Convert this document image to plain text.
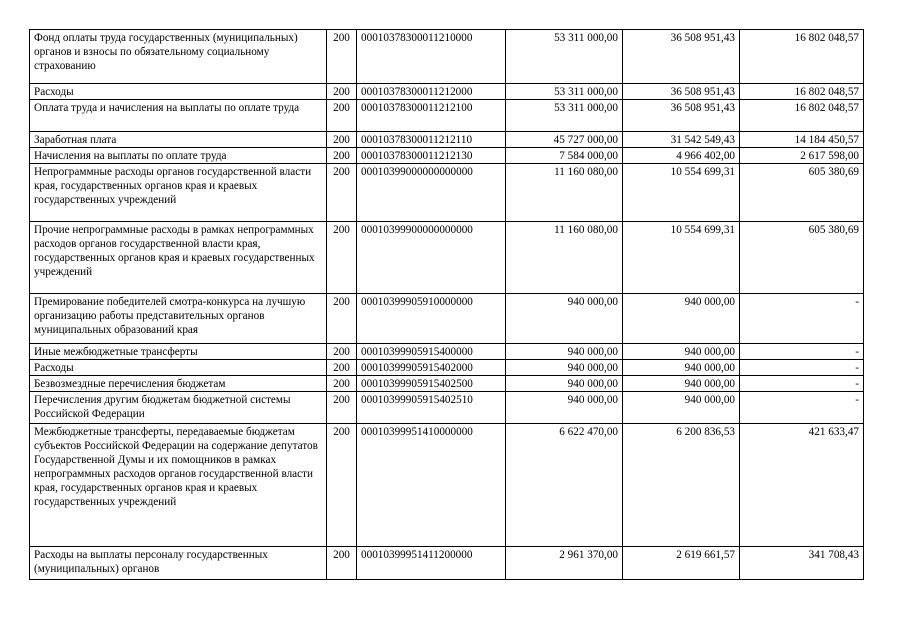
Фонд оплаты труда государственных (муниципальных) органов и взносы по обязательному социальному страхованию	200	00010378300011210000	53 311 000,00	36 508 951,43	16 802 048,57
Расходы	200	00010378300011212000	53 311 000,00	36 508 951,43	16 802 048,57
Оплата труда и начисления на выплаты по оплате труда	200	00010378300011212100	53 311 000,00	36 508 951,43	16 802 048,57
Заработная плата	200	00010378300011212110	45 727 000,00	31 542 549,43	14 184 450,57
Начисления на выплаты по оплате труда	200	00010378300011212130	7 584 000,00	4 966 402,00	2 617 598,00
Непрограммные расходы органов государственной власти края, государственных органов края и краевых государственных учреждений	200	00010399000000000000	11 160 080,00	10 554 699,31	605 380,69
Прочие непрограммные расходы в рамках непрограммных расходов органов государственной власти края, государственных органов края и краевых государственных учреждений	200	00010399900000000000	11 160 080,00	10 554 699,31	605 380,69
Премирование победителей смотра-конкурса на лучшую организацию работы представительных органов муниципальных образований края	200	00010399905910000000	940 000,00	940 000,00	-
Иные межбюджетные трансферты	200	00010399905915400000	940 000,00	940 000,00	-
Расходы	200	00010399905915402000	940 000,00	940 000,00	-
Безвозмездные перечисления бюджетам	200	00010399905915402500	940 000,00	940 000,00	-
Перечисления другим бюджетам бюджетной системы Российской Федерации	200	00010399905915402510	940 000,00	940 000,00	-
Межбюджетные трансферты, передаваемые бюджетам субъектов Российской Федерации на содержание депутатов Государственной Думы и их помощников в рамках непрограммных расходов органов государственной власти края, государственных органов края и краевых государственных учреждений	200	00010399951410000000	6 622 470,00	6 200 836,53	421 633,47
Расходы на выплаты персоналу государственных (муниципальных) органов	200	00010399951411200000	2 961 370,00	2 619 661,57	341 708,43
